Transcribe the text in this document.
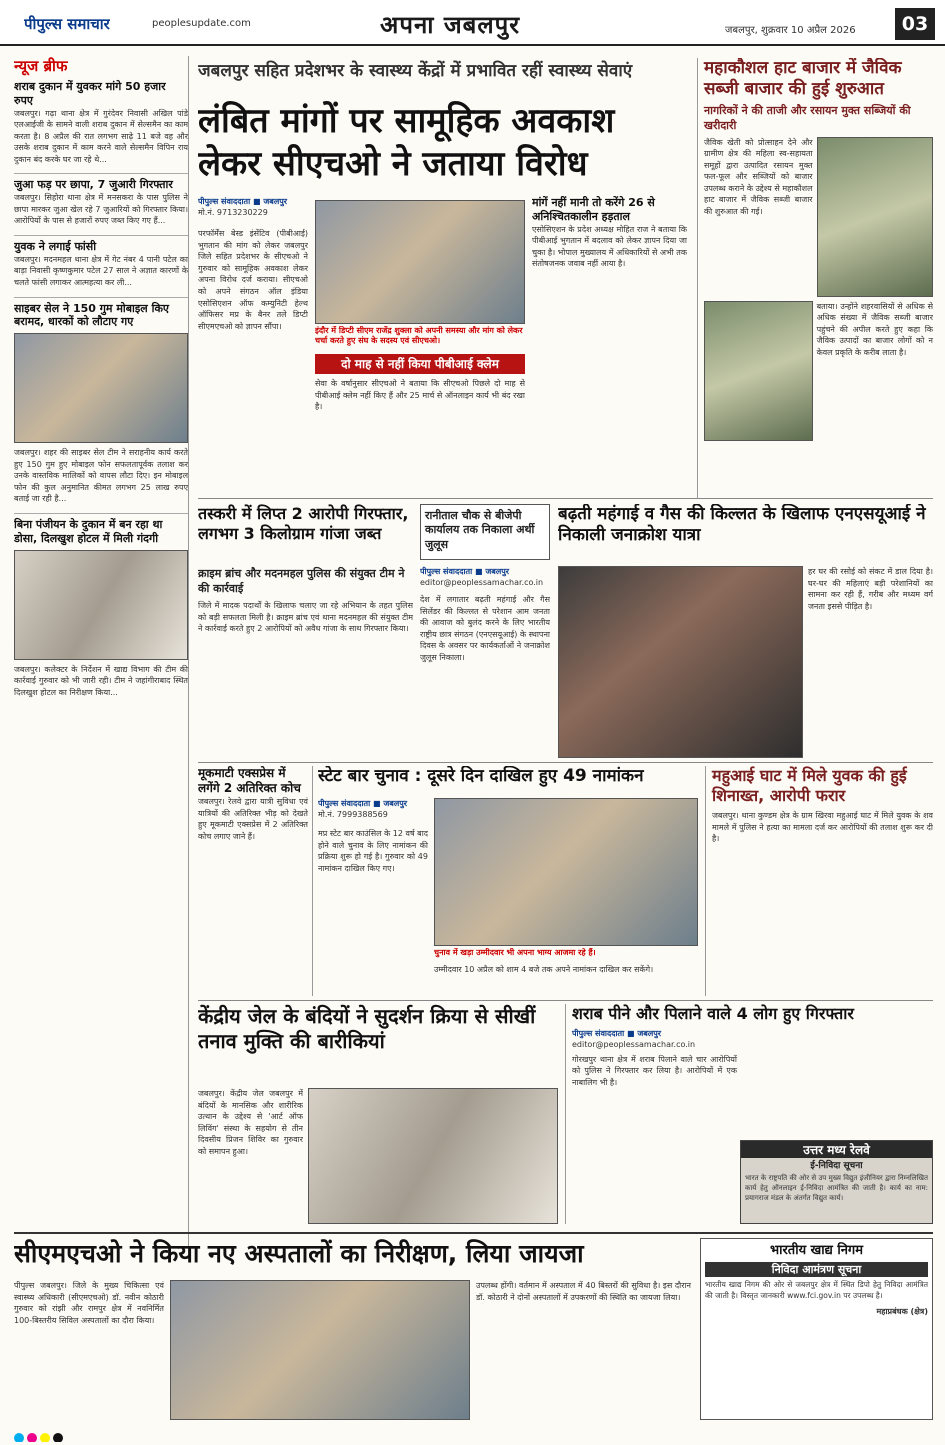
पीपुल्स समाचार	peoplesupdate.com	अपना जबलपुर	जबलपुर, शुक्रवार 10 अप्रैल 2026	03
न्यूज ब्रीफ
शराब दुकान में युवकर मांगे 50 हजार रुपए
जबलपुर। गढ़ा थाना क्षेत्र में गुरंदेवर निवासी अखिल पांडे एलआईजी के सामने वाली शराब दुकान में सेल्समैन का काम करता है। 8 अप्रैल की रात लगभग साढ़े 11 बजे वह और उसके शराब दुकान में काम करने वाले सेल्समैन विपिन राय दुकान बंद करके घर जा रहे थे...
जुआ फड़ पर छापा, 7 जुआरी गिरफ्तार
जबलपुर। सिहोरा थाना क्षेत्र में मनसकरा के पास पुलिस ने छापा मारकर जुआ खेल रहे 7 जुआरियों को गिरफ्तार किया। आरोपियों के पास से हजारों रुपए जब्त किए गए हैं...
युवक ने लगाई फांसी
जबलपुर। मदनमहल थाना क्षेत्र में गेट नंबर 4 पानी पटेल का बाड़ा निवासी कृष्णकुमार पटेल 27 साल ने अज्ञात कारणों के चलते फांसी लगाकर आत्महत्या कर ली...
साइबर सेल ने 150 गुम मोबाइल किए बरामद, धारकों को लौटाए गए
जबलपुर। शहर की साइबर सेल टीम ने सराहनीय कार्य करते हुए 150 गुम हुए मोबाइल फोन सफलतापूर्वक तलाश कर उनके वास्तविक मालिकों को वापस लौटा दिए। इन मोबाइल फोन की कुल अनुमानित कीमत लगभग 25 लाख रुपए बताई जा रही है...
बिना पंजीयन के दुकान में बन रहा था डोसा, दिलखुश होटल में मिली गंदगी
जबलपुर। कलेक्टर के निर्देशन में खाद्य विभाग की टीम की कार्रवाई गुरुवार को भी जारी रही। टीम ने जहांगीराबाद स्थित दिलखुश होटल का निरीक्षण किया...
जबलपुर सहित प्रदेशभर के स्वास्थ्य केंद्रों में प्रभावित रहीं स्वास्थ्य सेवाएं
लंबित मांगों पर सामूहिक अवकाश लेकर सीएचओ ने जताया विरोध
पीपुल्स संवाददाता ■ जबलपुर
मो.नं. 9713230229
परफॉर्मेंस बेस्ड इंसेंटिव (पीबीआई) भुगतान की मांग को लेकर जबलपुर जिले सहित प्रदेशभर के सीएचओ ने गुरुवार को सामूहिक अवकाश लेकर अपना विरोध दर्ज कराया। सीएचओ को अपने संगठन ऑल इंडिया एसोसिएशन ऑफ कम्युनिटी हेल्थ ऑफिसर मप्र के बैनर तले डिप्टी सीएमएचओ को ज्ञापन सौंपा।	इंदौर में डिप्टी सीएम राजेंद्र शुक्ला को अपनी समस्या और मांग को लेकर चर्चा करते हुए संघ के सदस्य एवं सीएचओ।
दो माह से नहीं किया पीबीआई क्लेम
सेवा के वर्षानुसार सीएचओ ने बताया कि सीएचओ पिछले दो माह से पीबीआई क्लेम नहीं किए हैं और 25 मार्च से ऑनलाइन कार्य भी बंद रखा है।
मांगें नहीं मानी तो करेंगे 26 से अनिश्चितकालीन हड़ताल
एसोसिएशन के प्रदेश अध्यक्ष मोहित राज ने बताया कि पीबीआई भुगतान में बदलाव को लेकर ज्ञापन दिया जा चुका है। भोपाल मुख्यालय में अधिकारियों से अभी तक संतोषजनक जवाब नहीं आया है।
महाकौशल हाट बाजार में जैविक सब्जी बाजार की हुई शुरुआत
नागरिकों ने की ताजी और रसायन मुक्त सब्जियों की खरीदारी
जैविक खेती को प्रोत्साहन देने और ग्रामीण क्षेत्र की महिला स्व-सहायता समूहों द्वारा उत्पादित रसायन मुक्त फल-फूल और सब्जियों को बाजार उपलब्ध कराने के उद्देश्य से महाकौशल हाट बाजार में जैविक सब्जी बाजार की शुरुआत की गई।
बताया। उन्होंने शहरवासियों से अधिक से अधिक संख्या में जैविक सब्जी बाजार पहुंचने की अपील करते हुए कहा कि जैविक उत्पादों का बाजार लोगों को न केवल प्रकृति के करीब लाता है।
तस्करी में लिप्त 2 आरोपी गिरफ्तार, लगभग 3 किलोग्राम गांजा जब्त
क्राइम ब्रांच और मदनमहल पुलिस की संयुक्त टीम ने की कार्रवाई
जिले में मादक पदार्थों के खिलाफ चलाए जा रहे अभियान के तहत पुलिस को बड़ी सफलता मिली है। क्राइम ब्रांच एवं थाना मदनमहल की संयुक्त टीम ने कार्रवाई करते हुए 2 आरोपियों को अवैध गांजा के साथ गिरफ्तार किया।
रानीताल चौक से बीजेपी कार्यालय तक निकाला अर्थी जुलूस
बढ़ती महंगाई व गैस की किल्लत के खिलाफ एनएसयूआई ने निकाली जनाक्रोश यात्रा
पीपुल्स संवाददाता ■ जबलपुर
editor@peoplessamachar.co.in
देश में लगातार बढ़ती महंगाई और गैस सिलेंडर की किल्लत से परेशान आम जनता की आवाज को बुलंद करने के लिए भारतीय राष्ट्रीय छात्र संगठन (एनएसयूआई) के स्थापना दिवस के अवसर पर कार्यकर्ताओं ने जनाक्रोश जुलूस निकाला।
हर घर की रसोई को संकट में डाल दिया है। घर-घर की महिलाएं बड़ी परेशानियों का सामना कर रही हैं, गरीब और मध्यम वर्ग जनता इससे पीड़ित है।
मूकमाटी एक्सप्रेस में लगेंगे 2 अतिरिक्त कोच
जबलपुर। रेलवे द्वारा यात्री सुविधा एवं यात्रियों की अतिरिक्त भीड़ को देखते हुए मूकमाटी एक्सप्रेस में 2 अतिरिक्त कोच लगाए जाने हैं।
स्टेट बार चुनाव : दूसरे दिन दाखिल हुए 49 नामांकन
पीपुल्स संवाददाता ■ जबलपुर
मो.नं. 7999388569
मप्र स्टेट बार काउंसिल के 12 वर्ष बाद होने वाले चुनाव के लिए नामांकन की प्रक्रिया शुरू हो गई है। गुरुवार को 49 नामांकन दाखिल किए गए।
चुनाव में खड़ा उम्मीदवार भी अपना भाग्य आजमा रहे हैं।
उम्मीदवार 10 अप्रैल को शाम 4 बजे तक अपने नामांकन दाखिल कर सकेंगे।
महुआई घाट में मिले युवक की हुई शिनाख्त, आरोपी फरार
जबलपुर। थाना कुण्डम क्षेत्र के ग्राम खिरवा महुआई घाट में मिले युवक के शव मामले में पुलिस ने हत्या का मामला दर्ज कर आरोपियों की तलाश शुरू कर दी है।
केंद्रीय जेल के बंदियों ने सुदर्शन क्रिया से सीखीं तनाव मुक्ति की बारीकियां
जबलपुर। केंद्रीय जेल जबलपुर में बंदियों के मानसिक और शारीरिक उत्थान के उद्देश्य से 'आर्ट ऑफ लिविंग' संस्था के सहयोग से तीन दिवसीय प्रिजन शिविर का गुरुवार को समापन हुआ।
शराब पीने और पिलाने वाले 4 लोग हुए गिरफ्तार
पीपुल्स संवाददाता ■ जबलपुर
editor@peoplessamachar.co.in
गोरखपुर थाना क्षेत्र में शराब पिलाने वाले चार आरोपियों को पुलिस ने गिरफ्तार कर लिया है। आरोपियों में एक नाबालिग भी है।
उत्तर मध्य रेलवे
ई-निविदा सूचना
भारत के राष्ट्रपति की ओर से उप मुख्य विद्युत इंजीनियर द्वारा निम्नलिखित कार्य हेतु ऑनलाइन ई-निविदा आमंत्रित की जाती है। कार्य का नाम: प्रयागराज मंडल के अंतर्गत विद्युत कार्य।
सीएमएचओ ने किया नए अस्पतालों का निरीक्षण, लिया जायजा
पीपुल्स जबलपुर। जिले के मुख्य चिकित्सा एवं स्वास्थ्य अधिकारी (सीएमएचओ) डॉ. नवीन कोठारी गुरुवार को रांझी और रामपुर क्षेत्र में नवनिर्मित 100-बिस्तरीय सिविल अस्पतालों का दौरा किया।
उपलब्ध होंगी। वर्तमान में अस्पताल में 40 बिस्तरों की सुविधा है। इस दौरान डॉ. कोठारी ने दोनों अस्पतालों में उपकरणों की स्थिति का जायजा लिया।
भारतीय खाद्य निगम
निविदा आमंत्रण सूचना
भारतीय खाद्य निगम की ओर से जबलपुर क्षेत्र में स्थित डिपो हेतु निविदा आमंत्रित की जाती है। विस्तृत जानकारी www.fci.gov.in पर उपलब्ध है।
महाप्रबंधक (क्षेत्र)
